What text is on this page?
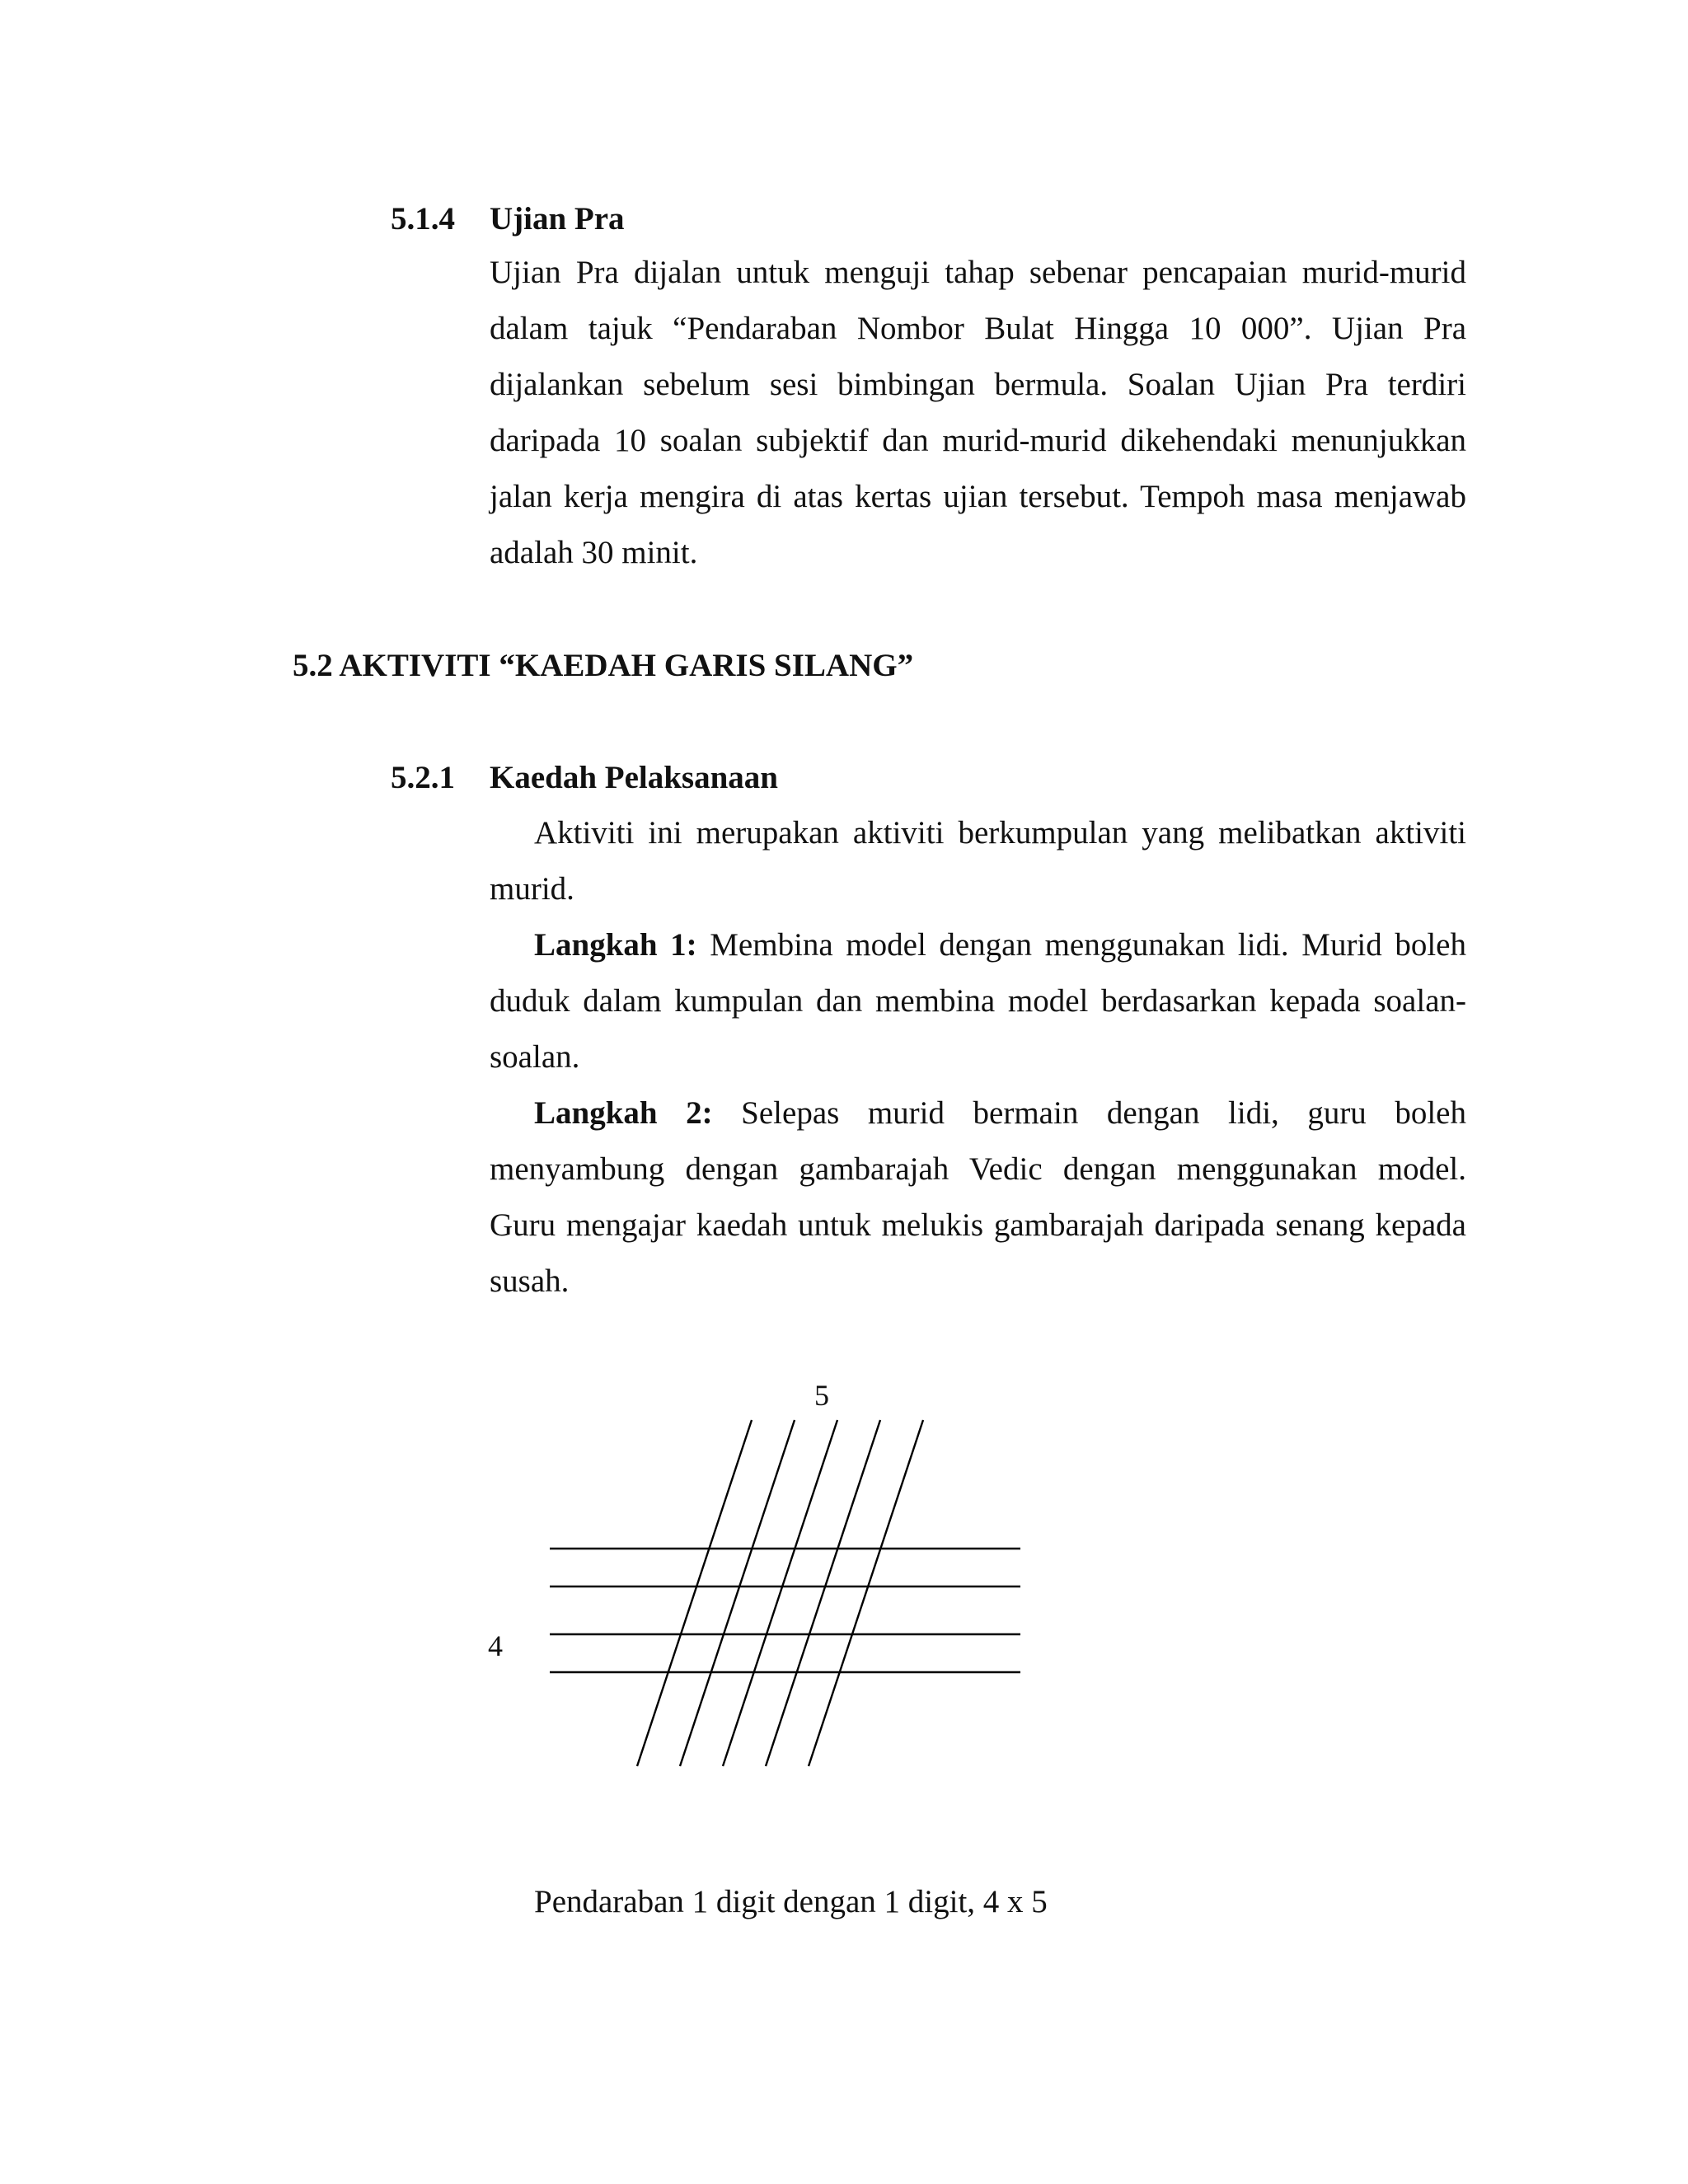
5.1.4 Ujian Pra
Ujian Pra dijalan untuk menguji tahap sebenar pencapaian murid-murid
dalam tajuk “Pendaraban Nombor Bulat Hingga 10 000”. Ujian Pra
dijalankan sebelum sesi bimbingan bermula. Soalan Ujian Pra terdiri
daripada 10 soalan subjektif dan murid-murid dikehendaki menunjukkan
jalan kerja mengira di atas kertas ujian tersebut. Tempoh masa menjawab
adalah 30 minit.
5.2 AKTIVITI “KAEDAH GARIS SILANG”
5.2.1 Kaedah Pelaksanaan
Aktiviti ini merupakan aktiviti berkumpulan yang melibatkan aktiviti
murid.
Langkah 1: Membina model dengan menggunakan lidi. Murid boleh
duduk dalam kumpulan dan membina model berdasarkan kepada soalan-
soalan.
Langkah 2: Selepas murid bermain dengan lidi, guru boleh
menyambung dengan gambarajah Vedic dengan menggunakan model.
Guru mengajar kaedah untuk melukis gambarajah daripada senang kepada
susah.
5
4
Pendaraban 1 digit dengan 1 digit, 4 x 5
